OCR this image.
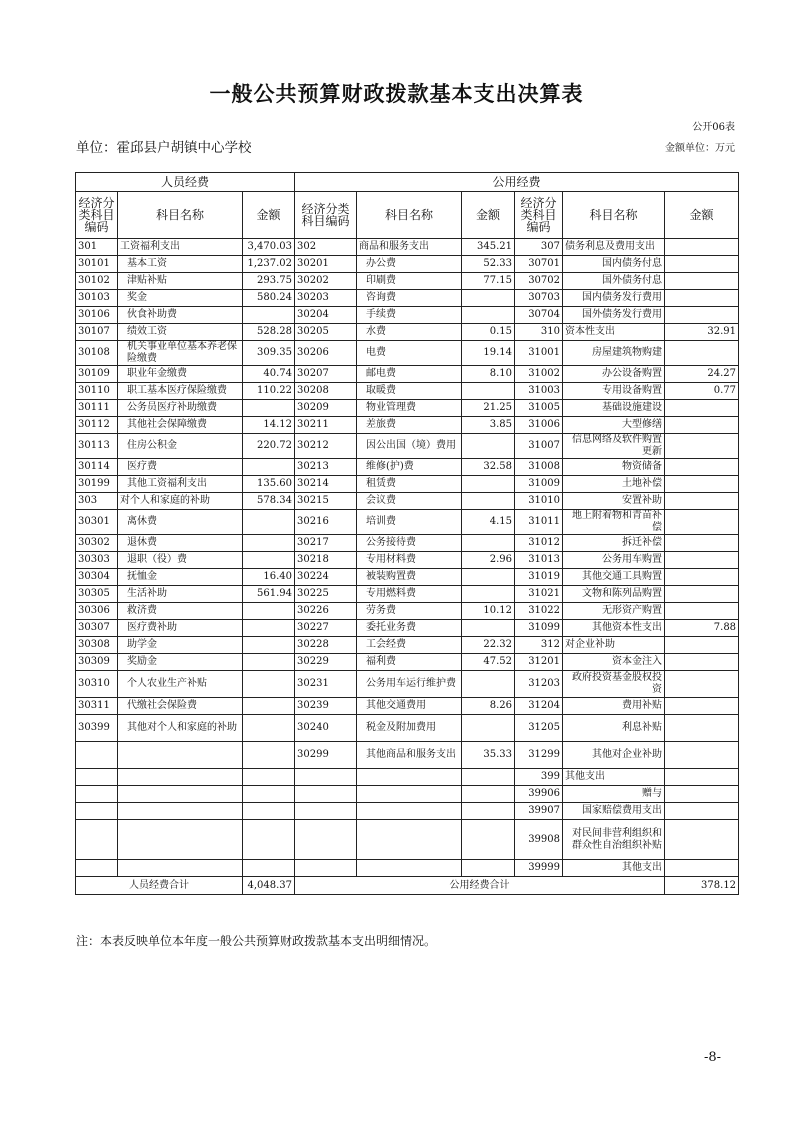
一般公共预算财政拨款基本支出决算表
公开06表
单位：霍邱县户胡镇中心学校	金额单位：万元
人员经费			公用经费					
经济分类科目编码	科目名称	金额	经济分类科目编码	科目名称	金额	经济分类科目编码	科目名称	金额
301	工资福利支出	3,470.03	302	商品和服务支出	345.21	307	债务利息及费用支出	
30101	基本工资	1,237.02	30201	办公费	52.33	30701	国内债务付息	
30102	津贴补贴	293.75	30202	印刷费	77.15	30702	国外债务付息	
30103	奖金	580.24	30203	咨询费		30703	国内债务发行费用	
30106	伙食补助费		30204	手续费		30704	国外债务发行费用	
30107	绩效工资	528.28	30205	水费	0.15	310	资本性支出	32.91
30108	机关事业单位基本养老保险缴费	309.35	30206	电费	19.14	31001	房屋建筑物购建	
30109	职业年金缴费	40.74	30207	邮电费	8.10	31002	办公设备购置	24.27
30110	职工基本医疗保险缴费	110.22	30208	取暖费		31003	专用设备购置	0.77
30111	公务员医疗补助缴费		30209	物业管理费	21.25	31005	基础设施建设	
30112	其他社会保障缴费	14.12	30211	差旅费	3.85	31006	大型修缮	
30113	住房公积金	220.72	30212	因公出国（境）费用		31007	信息网络及软件购置更新	
30114	医疗费		30213	维修(护)费	32.58	31008	物资储备	
30199	其他工资福利支出	135.60	30214	租赁费		31009	土地补偿	
303	对个人和家庭的补助	578.34	30215	会议费		31010	安置补助	
30301	离休费		30216	培训费	4.15	31011	地上附着物和青苗补偿	
30302	退休费		30217	公务接待费		31012	拆迁补偿	
30303	退职（役）费		30218	专用材料费	2.96	31013	公务用车购置	
30304	抚恤金	16.40	30224	被装购置费		31019	其他交通工具购置	
30305	生活补助	561.94	30225	专用燃料费		31021	文物和陈列品购置	
30306	救济费		30226	劳务费	10.12	31022	无形资产购置	
30307	医疗费补助		30227	委托业务费		31099	其他资本性支出	7.88
30308	助学金		30228	工会经费	22.32	312	对企业补助	
30309	奖励金		30229	福利费	47.52	31201	资本金注入	
30310	个人农业生产补贴		30231	公务用车运行维护费		31203	政府投资基金股权投资	
30311	代缴社会保险费		30239	其他交通费用	8.26	31204	费用补贴	
30399	其他对个人和家庭的补助		30240	税金及附加费用		31205	利息补贴	
			30299	其他商品和服务支出	35.33	31299	其他对企业补助	
						399	其他支出	
						39906	赠与	
						39907	国家赔偿费用支出	
						39908	对民间非营利组织和群众性自治组织补贴	
						39999	其他支出	
人员经费合计		4,048.37	公用经费合计					378.12
注：本表反映单位本年度一般公共预算财政拨款基本支出明细情况。
-8-
